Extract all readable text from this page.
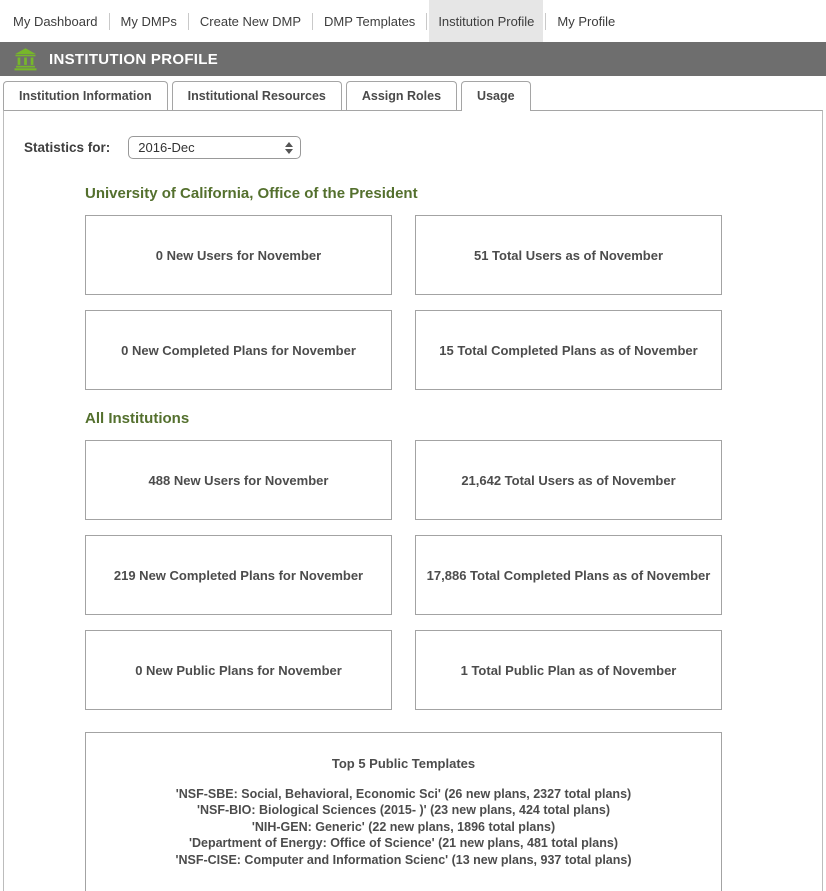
My Dashboard	My DMPs	Create New DMP	DMP Templates	Institution Profile	My Profile
INSTITUTION PROFILE
Institution Information	Institutional Resources	Assign Roles	Usage
Statistics for: 2016-Dec
University of California, Office of the President
0 New Users for November	51 Total Users as of November
0 New Completed Plans for November	15 Total Completed Plans as of November
All Institutions
488 New Users for November	21,642 Total Users as of November
219 New Completed Plans for November	17,886 Total Completed Plans as of November
0 New Public Plans for November	1 Total Public Plan as of November
Top 5 Public Templates
'NSF-SBE: Social, Behavioral, Economic Sci' (26 new plans, 2327 total plans)
'NSF-BIO: Biological Sciences (2015- )' (23 new plans, 424 total plans)
'NIH-GEN: Generic' (22 new plans, 1896 total plans)
'Department of Energy: Office of Science' (21 new plans, 481 total plans)
'NSF-CISE: Computer and Information Scienc' (13 new plans, 937 total plans)
